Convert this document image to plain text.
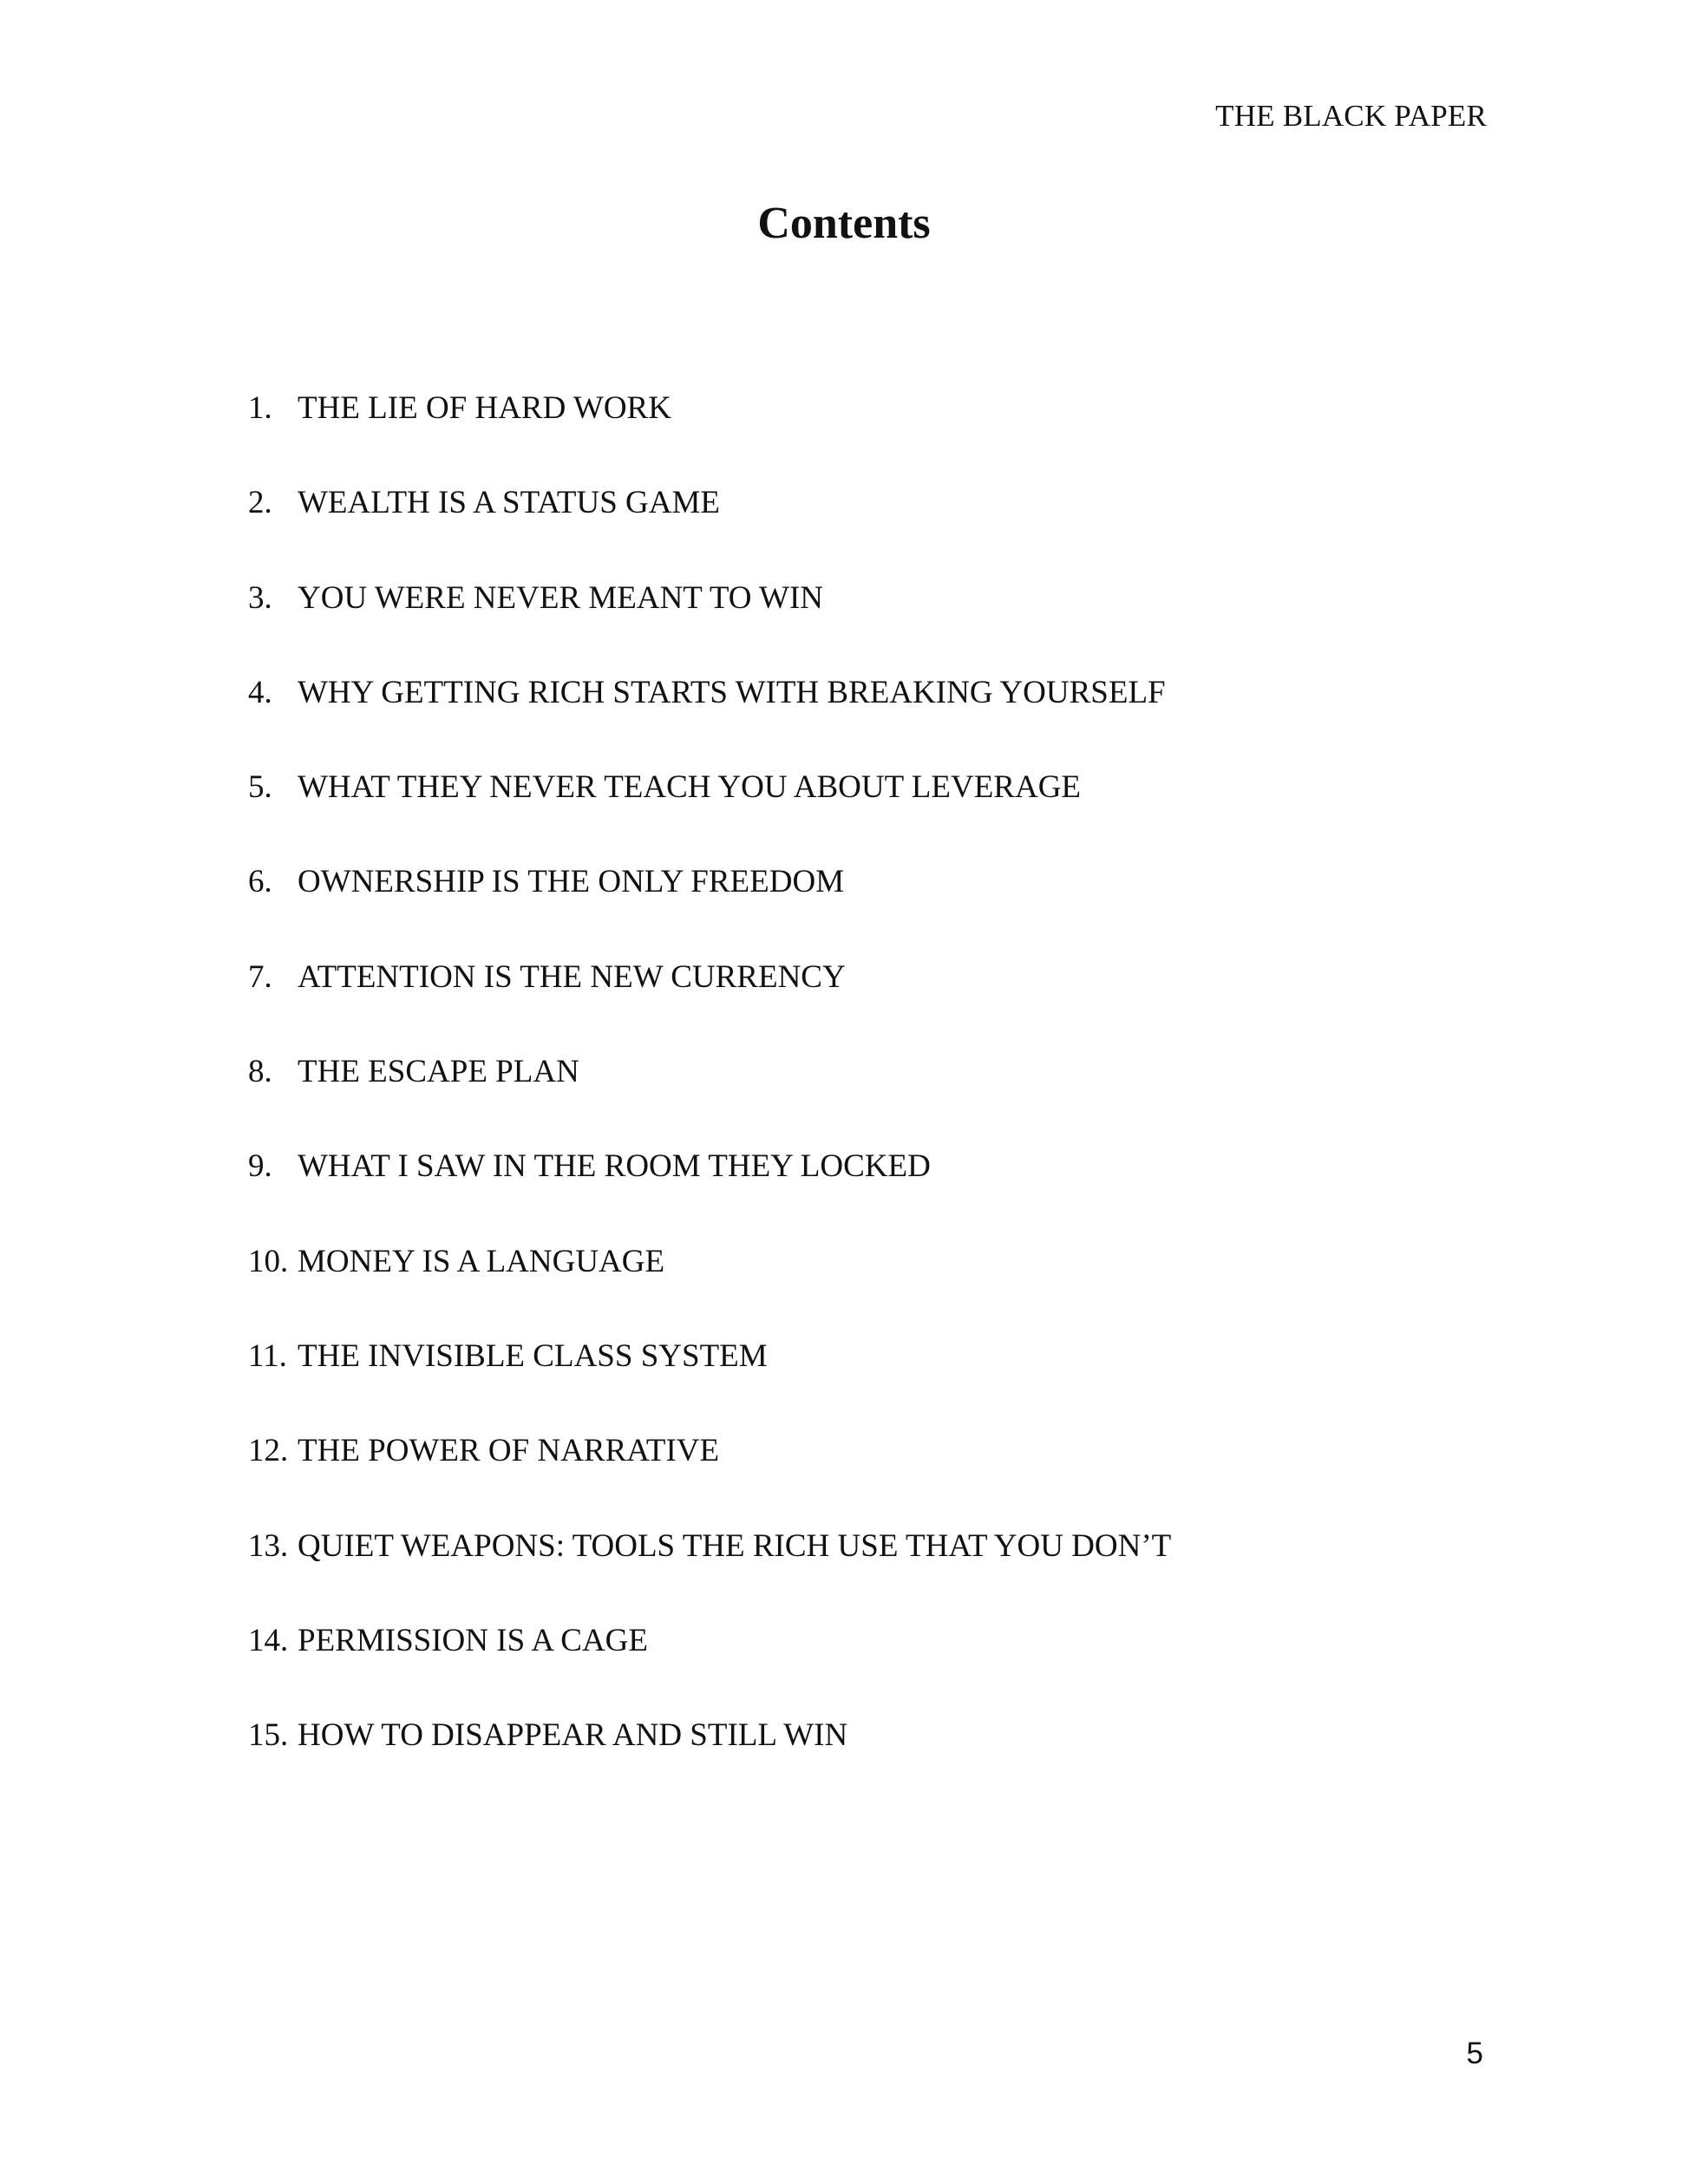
THE BLACK PAPER
Contents
1. THE LIE OF HARD WORK
2. WEALTH IS A STATUS GAME
3. YOU WERE NEVER MEANT TO WIN
4. WHY GETTING RICH STARTS WITH BREAKING YOURSELF
5. WHAT THEY NEVER TEACH YOU ABOUT LEVERAGE
6. OWNERSHIP IS THE ONLY FREEDOM
7. ATTENTION IS THE NEW CURRENCY
8. THE ESCAPE PLAN
9. WHAT I SAW IN THE ROOM THEY LOCKED
10. MONEY IS A LANGUAGE
11. THE INVISIBLE CLASS SYSTEM
12. THE POWER OF NARRATIVE
13. QUIET WEAPONS: TOOLS THE RICH USE THAT YOU DON’T
14. PERMISSION IS A CAGE
15. HOW TO DISAPPEAR AND STILL WIN
5
